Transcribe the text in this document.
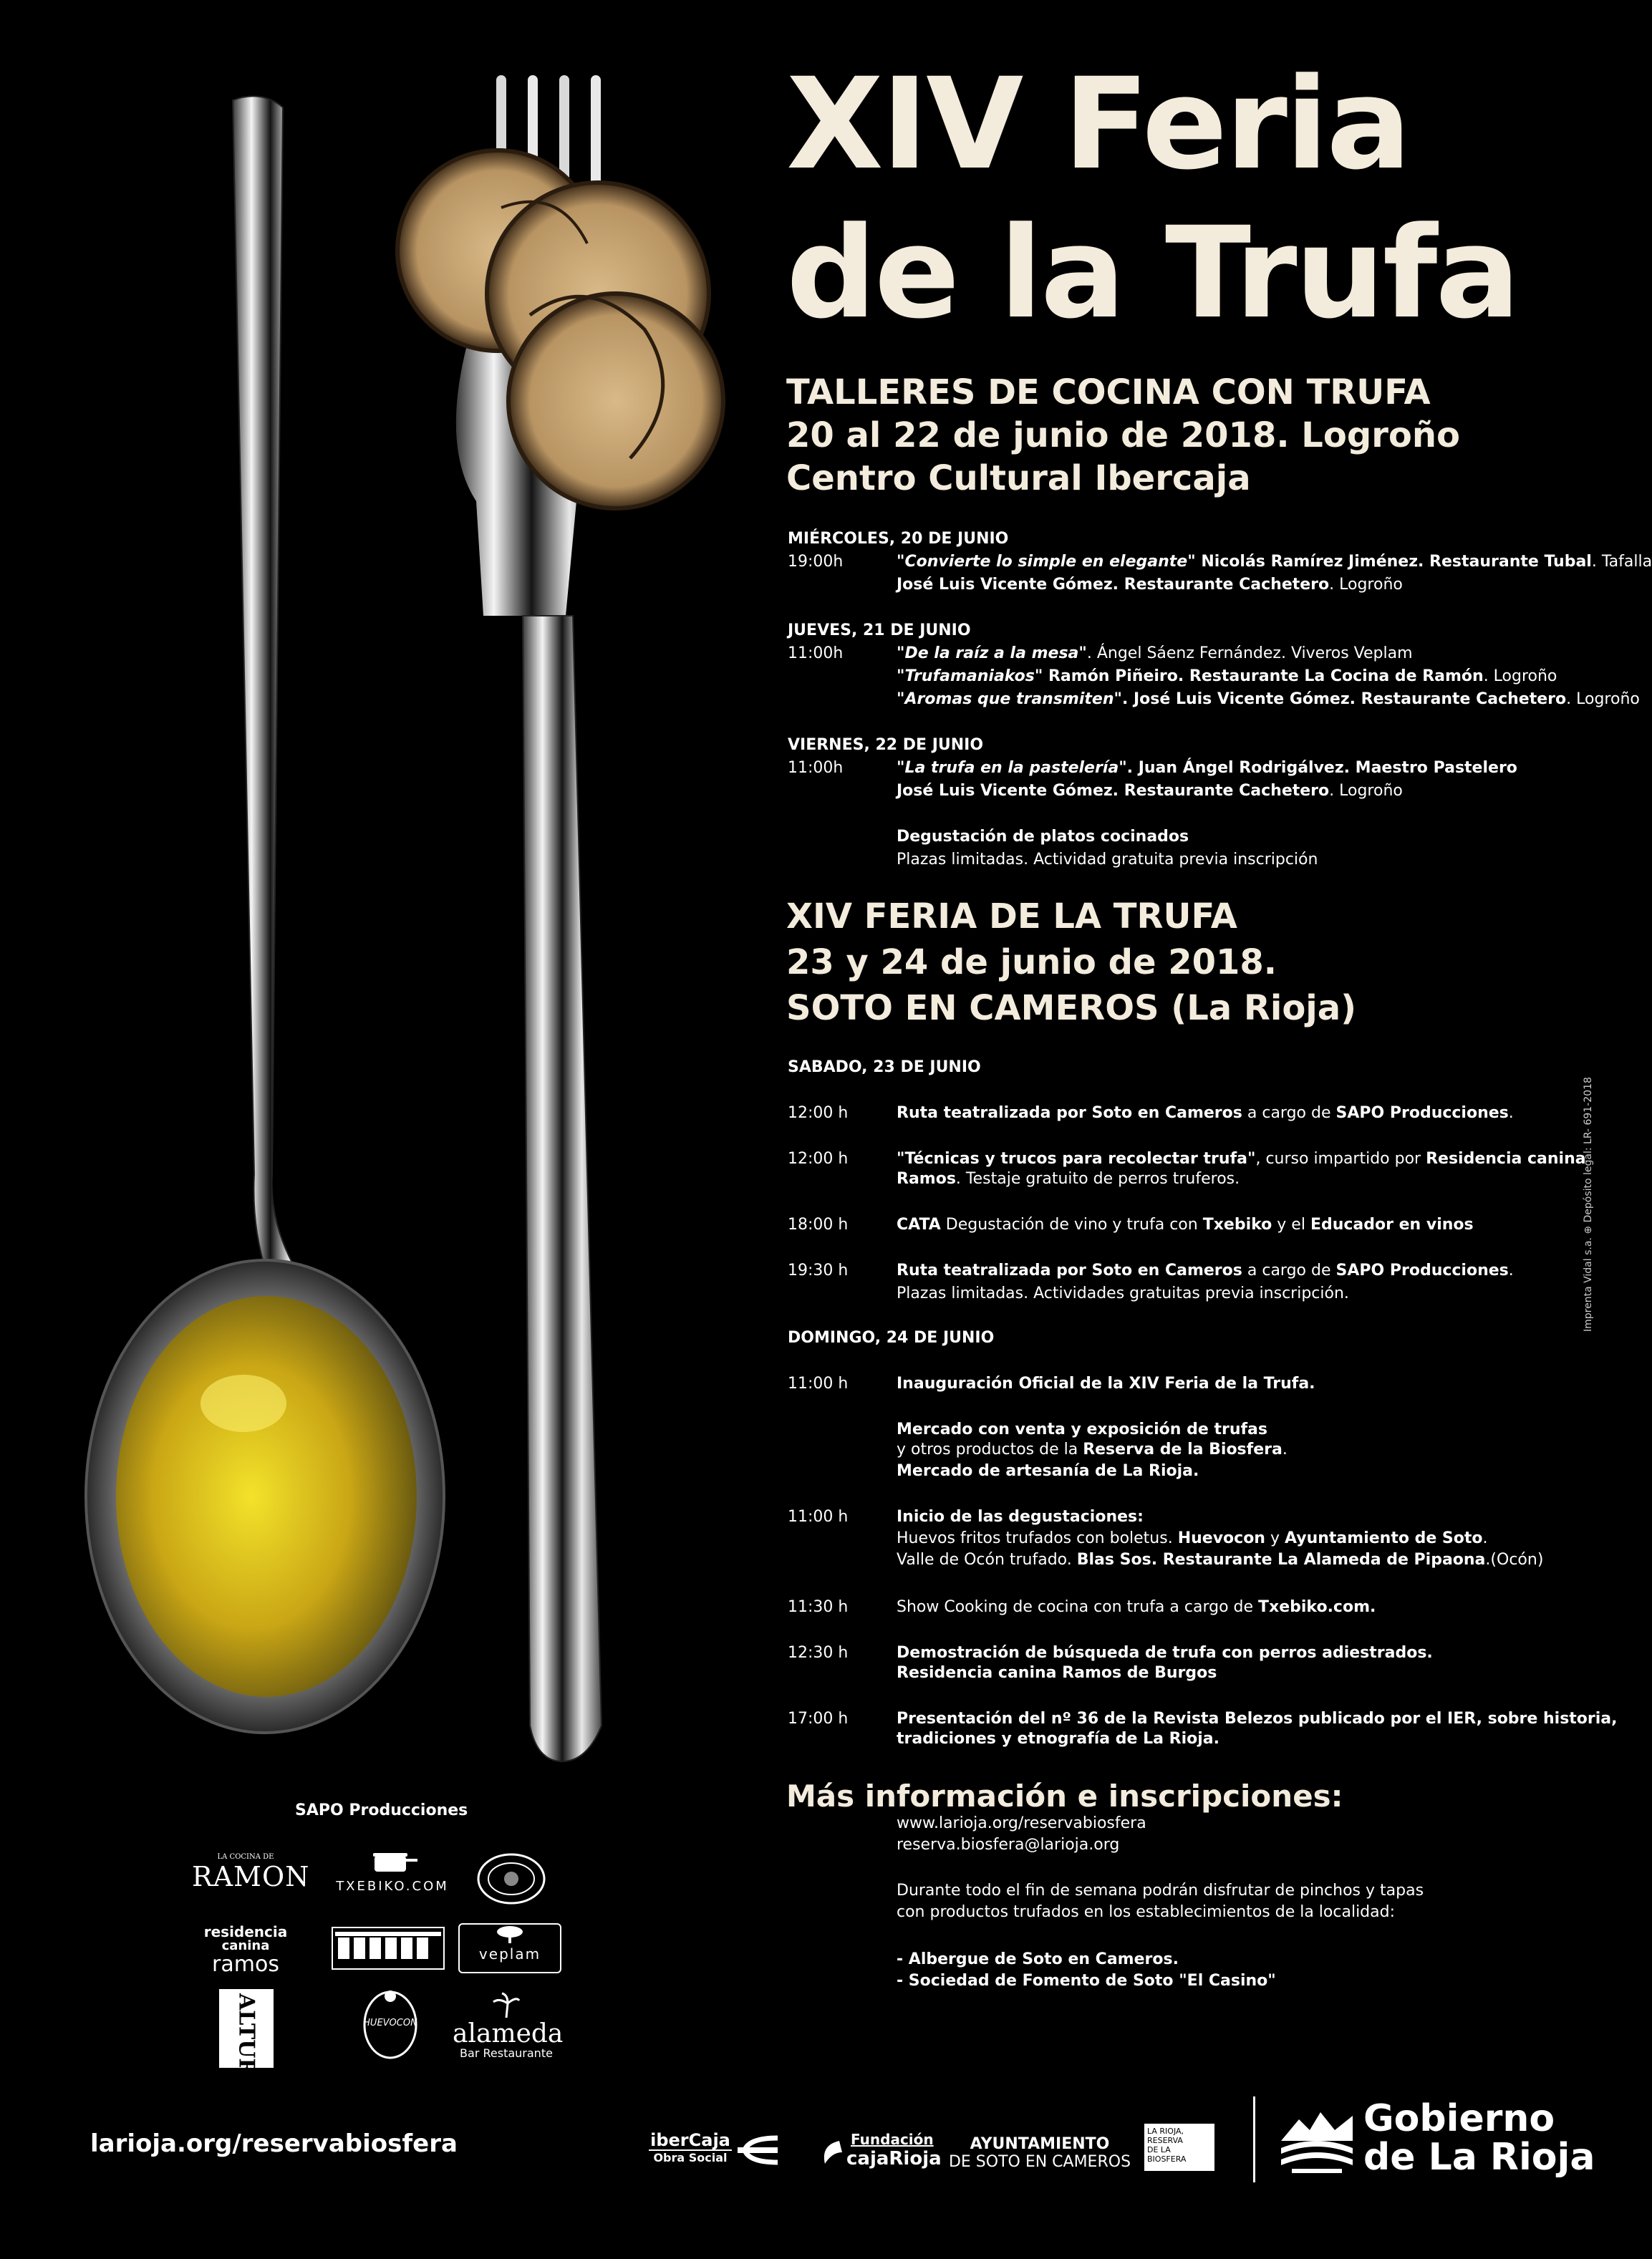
XIV Feria
de la Trufa
TALLERES DE COCINA CON TRUFA
20 al 22 de junio de 2018. Logroño
Centro Cultural Ibercaja
MIÉRCOLES, 20 DE JUNIO
19:00h	"Convierte lo simple en elegante" Nicolás Ramírez Jiménez. Restaurante Tubal. Tafalla
José Luis Vicente Gómez. Restaurante Cachetero. Logroño
JUEVES, 21 DE JUNIO
11:00h	"De la raíz a la mesa". Ángel Sáenz Fernández. Viveros Veplam
"Trufamaniakos" Ramón Piñeiro. Restaurante La Cocina de Ramón. Logroño
"Aromas que transmiten". José Luis Vicente Gómez. Restaurante Cachetero. Logroño
VIERNES, 22 DE JUNIO
11:00h	"La trufa en la pastelería". Juan Ángel Rodrigálvez. Maestro Pastelero
José Luis Vicente Gómez. Restaurante Cachetero. Logroño
Degustación de platos cocinados
Plazas limitadas. Actividad gratuita previa inscripción
XIV FERIA DE LA TRUFA
23 y 24 de junio de 2018.
SOTO EN CAMEROS (La Rioja)
SABADO, 23 DE JUNIO
12:00 h	Ruta teatralizada por Soto en Cameros a cargo de SAPO Producciones.
12:00 h	"Técnicas y trucos para recolectar trufa", curso impartido por Residencia canina
Ramos. Testaje gratuito de perros truferos.
18:00 h	CATA Degustación de vino y trufa con Txebiko y el Educador en vinos
19:30 h	Ruta teatralizada por Soto en Cameros a cargo de SAPO Producciones.
Plazas limitadas. Actividades gratuitas previa inscripción.
DOMINGO, 24 DE JUNIO
11:00 h	Inauguración Oficial de la XIV Feria de la Trufa.
Mercado con venta y exposición de trufas
y otros productos de la Reserva de la Biosfera.
Mercado de artesanía de La Rioja.
11:00 h	Inicio de las degustaciones:
Huevos fritos trufados con boletus. Huevocon y Ayuntamiento de Soto.
Valle de Ocón trufado. Blas Sos. Restaurante La Alameda de Pipaona.(Ocón)
11:30 h	Show Cooking de cocina con trufa a cargo de Txebiko.com.
12:30 h	Demostración de búsqueda de trufa con perros adiestrados.
Residencia canina Ramos de Burgos
17:00 h	Presentación del nº 36 de la Revista Belezos publicado por el IER, sobre historia,
tradiciones y etnografía de La Rioja.
Más información e inscripciones:
www.larioja.org/reservabiosfera
reserva.biosfera@larioja.org
Durante todo el fin de semana podrán disfrutar de pinchos y tapas
con productos trufados en los establecimientos de la localidad:
- Albergue de Soto en Cameros.
- Sociedad de Fomento de Soto "El Casino"
Imprenta Vidal s.a. ⊕ Depósito legal: LR- 691-2018
SAPO Producciones
LA COCINA DE
RAMON TXEBIKO.COM
residencia
canina
ramos	veplam
ALTURA	HUEVOCON	alameda
Bar Restaurante
larioja.org/reservabiosfera	iberCaja
Obra Social
Fundación
cajaRioja
AYUNTAMIENTO
DE SOTO EN CAMEROS
LA RIOJA,
RESERVA
DE LA BIOSFERA
Gobierno
de La Rioja
